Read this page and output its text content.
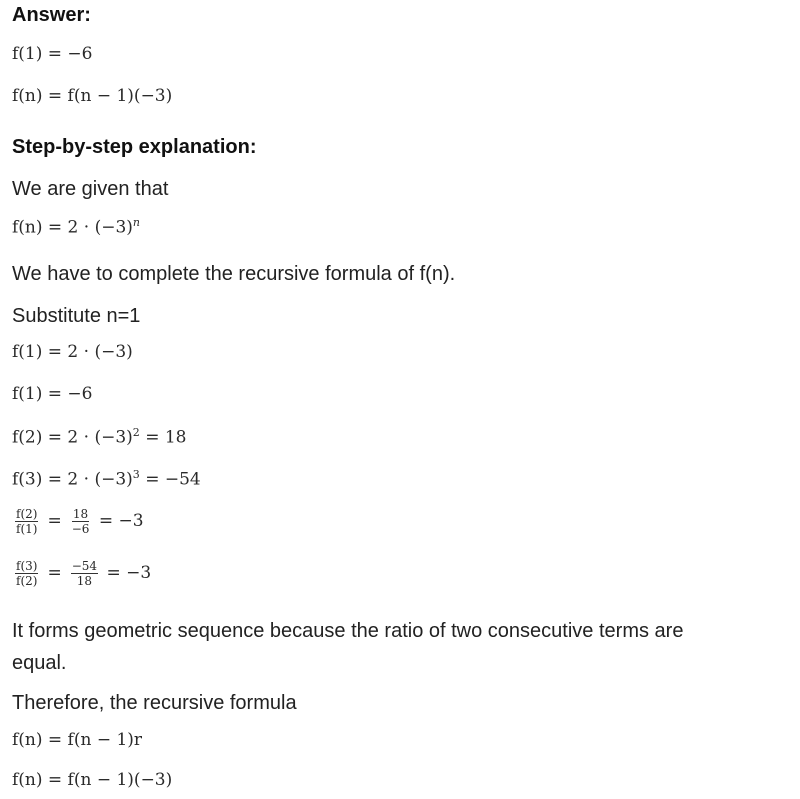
Answer:
f(1) = −6
f(n) = f(n − 1)(−3)
Step-by-step explanation:
We are given that
$f(n) = 2 \cdot (-3)^n$
We have to complete the recursive formula of f(n).
Substitute n=1
f(1) = 2 · (−3)
f(1) = −6
$f(2) = 2 \cdot (-3)^2 = 18$
$f(3) = 2 \cdot (-3)^3 = -54$
$\frac{f(2)}{f(1)} = \frac{18}{-6} = -3$
$\frac{f(3)}{f(2)} = \frac{-54}{18} = -3$
It forms geometric sequence because the ratio of two consecutive terms are
equal.
Therefore, the recursive formula
f(n) = f(n − 1)r
f(n) = f(n − 1)(−3)
